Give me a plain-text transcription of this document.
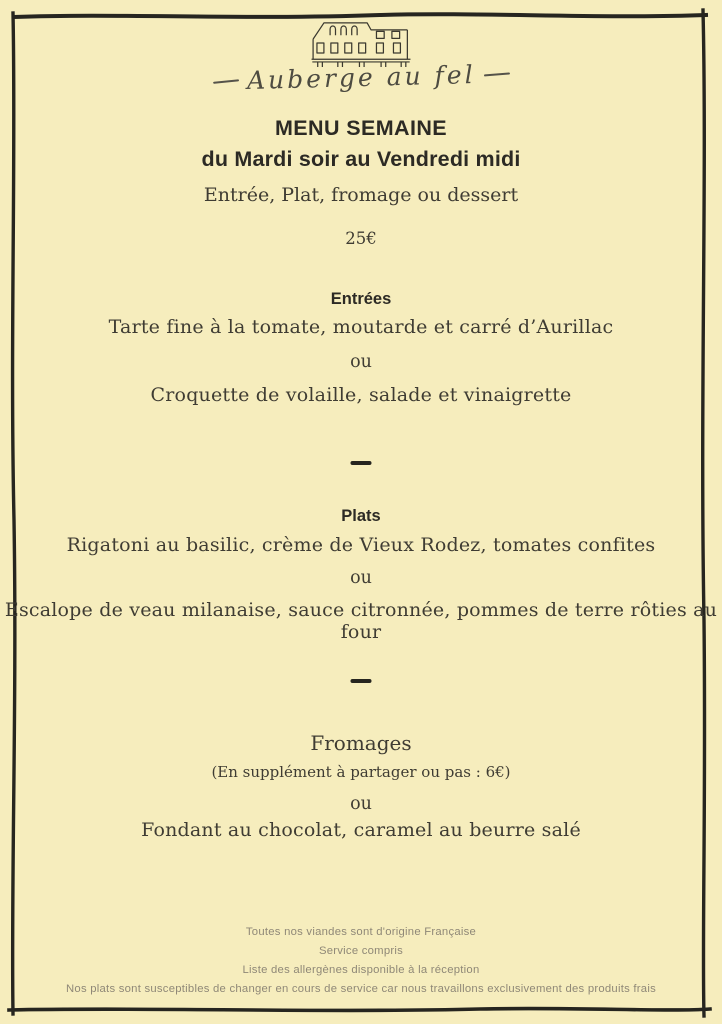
Auberge au fel
MENU SEMAINE
du Mardi soir au Vendredi midi
Entrée, Plat, fromage ou dessert
25€
Entrées
Tarte fine à la tomate, moutarde et carré d’Aurillac
ou
Croquette de volaille, salade et vinaigrette
Plats
Rigatoni au basilic, crème de Vieux Rodez, tomates confites
ou
Escalope de veau milanaise, sauce citronnée, pommes de terre rôties au four
Fromages
(En supplément à partager ou pas : 6€)
ou
Fondant au chocolat, caramel au beurre salé
Toutes nos viandes sont d'origine Française
Service compris
Liste des allergènes disponible à la réception
Nos plats sont susceptibles de changer en cours de service car nous travaillons exclusivement des produits frais
